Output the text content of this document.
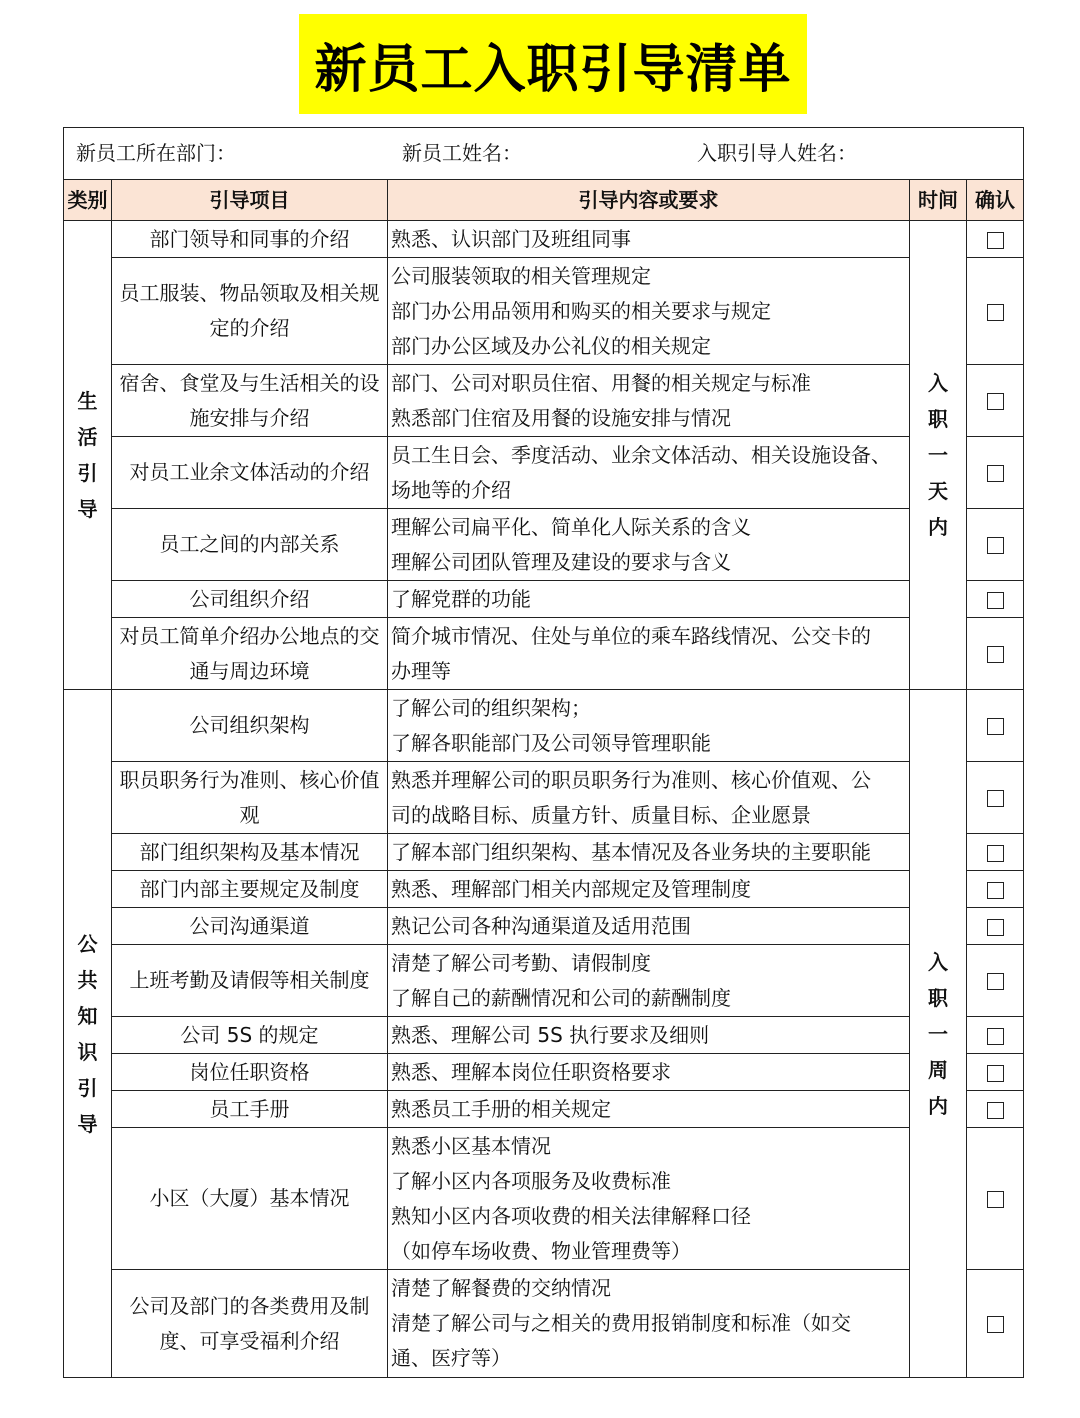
新员工入职引导清单
新员工所在部门： 新员工姓名： 入职引导人姓名：				

类别	引导项目	引导内容或要求	时间	确认
生活引导	部门领导和同事的介绍	熟悉、认识部门及班组同事	入职一天内	
	员工服装、物品领取及相关规定的介绍	公司服装领取的相关管理规定
部门办公用品领用和购买的相关要求与规定
部门办公区域及办公礼仪的相关规定		

	宿舍、食堂及与生活相关的设施安排与介绍	部门、公司对职员住宿、用餐的相关规定与标准
熟悉部门住宿及用餐的设施安排与情况		

	对员工业余文体活动的介绍	员工生日会、季度活动、业余文体活动、相关设施设备、
场地等的介绍		

	员工之间的内部关系	理解公司扁平化、简单化人际关系的含义
理解公司团队管理及建设的要求与含义		

	公司组织介绍	了解党群的功能		

	对员工简单介绍办公地点的交通与周边环境	简介城市情况、住处与单位的乘车路线情况、公交卡的
办理等		

公共知识引导	公司组织架构	了解公司的组织架构；
了解各职能部门及公司领导管理职能	入职一周内	
	职员职务行为准则、核心价值观	熟悉并理解公司的职员职务行为准则、核心价值观、公
司的战略目标、质量方针、质量目标、企业愿景		

	部门组织架构及基本情况	了解本部门组织架构、基本情况及各业务块的主要职能		

	部门内部主要规定及制度	熟悉、理解部门相关内部规定及管理制度		

	公司沟通渠道	熟记公司各种沟通渠道及适用范围		

	上班考勤及请假等相关制度	清楚了解公司考勤、请假制度
了解自己的薪酬情况和公司的薪酬制度		

	公司 5S 的规定	熟悉、理解公司 5S 执行要求及细则		

	岗位任职资格	熟悉、理解本岗位任职资格要求		

	员工手册	熟悉员工手册的相关规定		

	小区（大厦）基本情况	熟悉小区基本情况
了解小区内各项服务及收费标准
熟知小区内各项收费的相关法律解释口径
（如停车场收费、物业管理费等）		

	公司及部门的各类费用及制度、可享受福利介绍	清楚了解餐费的交纳情况
清楚了解公司与之相关的费用报销制度和标准（如交
通、医疗等）		
